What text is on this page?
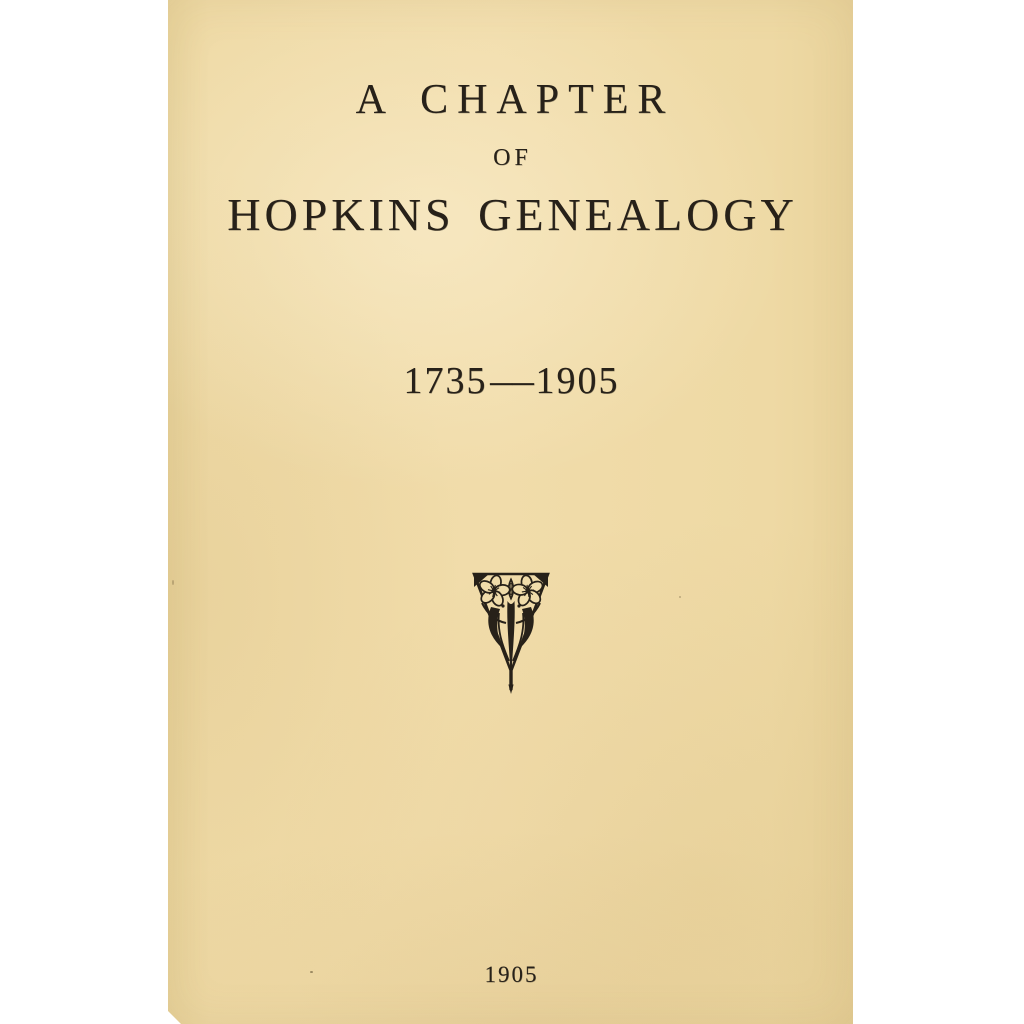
A CHAPTER
OF
HOPKINS GENEALOGY
1735——1905
1905
